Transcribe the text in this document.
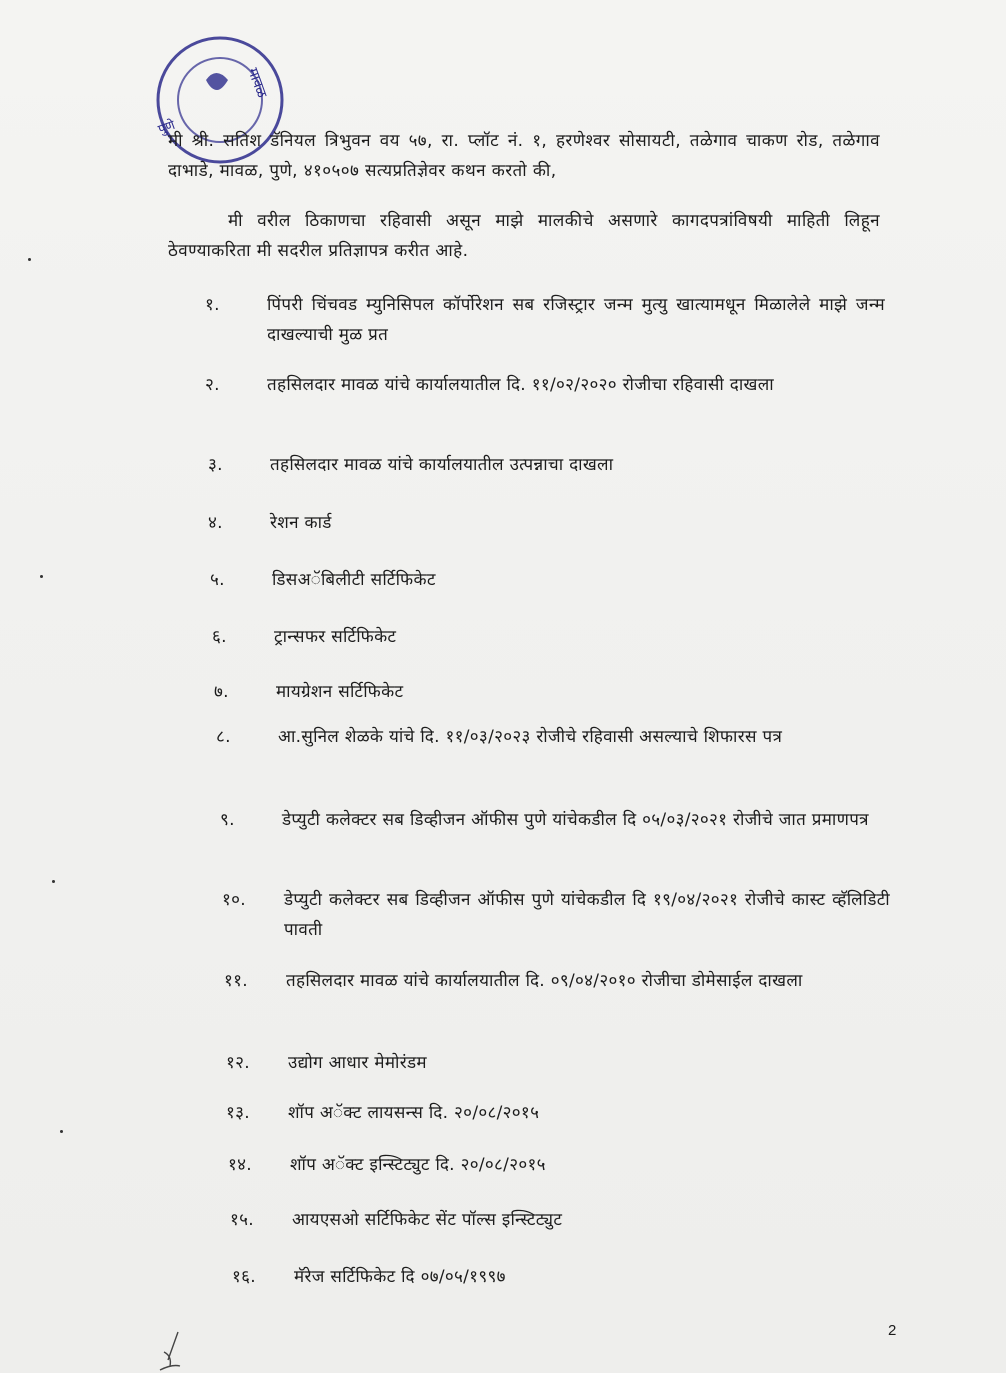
मावळ
पुणे

मी श्री. सतिश डॅनियल त्रिभुवन वय ५७, रा. प्लॉट नं. १, हरणेश्वर सोसायटी, तळेगाव चाकण रोड, तळेगाव दाभाडे, मावळ, पुणे, ४१०५०७ सत्यप्रतिज्ञेवर कथन करतो की,

मी वरील ठिकाणचा रहिवासी असून माझे मालकीचे असणारे कागदपत्रांविषयी माहिती लिहून ठेवण्याकरिता मी सदरील प्रतिज्ञापत्र करीत आहे.

१.	पिंपरी चिंचवड म्युनिसिपल कॉर्पोरेशन सब रजिस्ट्रार जन्म मुत्यु खात्यामधून मिळालेले माझे जन्म दाखल्याची मुळ प्रत
२.	तहसिलदार मावळ यांचे कार्यालयातील दि. ११/०२/२०२० रोजीचा रहिवासी दाखला
३.	तहसिलदार मावळ यांचे कार्यालयातील उत्पन्नाचा दाखला
४.	रेशन कार्ड
५.	डिसअॅबिलीटी सर्टिफिकेट
६.	ट्रान्सफर सर्टिफिकेट
७.	मायग्रेशन सर्टिफिकेट
८.	आ.सुनिल शेळके यांचे दि. ११/०३/२०२३ रोजीचे रहिवासी असल्याचे शिफारस पत्र
९.	डेप्युटी कलेक्टर सब डिव्हीजन ऑफीस पुणे यांचेकडील दि ०५/०३/२०२१ रोजीचे जात प्रमाणपत्र
१०.	डेप्युटी कलेक्टर सब डिव्हीजन ऑफीस पुणे यांचेकडील दि १९/०४/२०२१ रोजीचे कास्ट व्हॅलिडिटी पावती
११.	तहसिलदार मावळ यांचे कार्यालयातील दि. ०९/०४/२०१० रोजीचा डोमेसाईल दाखला
१२.	उद्योग आधार मेमोरंडम
१३.	शॉप अॅक्ट लायसन्स दि. २०/०८/२०१५
१४.	शॉप अॅक्ट इन्स्टिट्युट दि. २०/०८/२०१५
१५.	आयएसओ सर्टिफिकेट सेंट पॉल्स इन्स्टिट्युट
१६.	मॅरेज सर्टिफिकेट दि ०७/०५/१९९७
2
